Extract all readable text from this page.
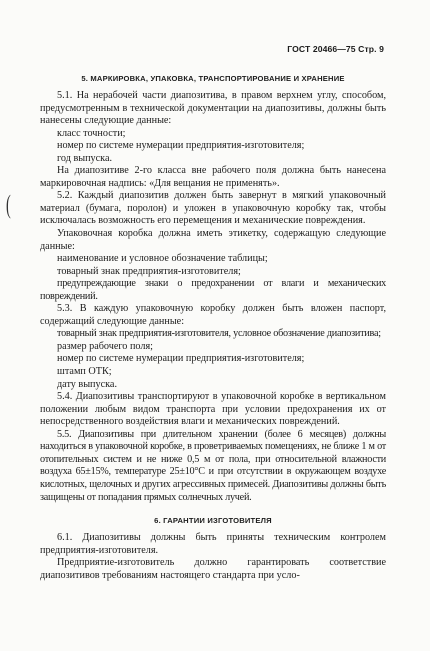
ГОСТ 20466—75 Стр. 9
(
5. МАРКИРОВКА, УПАКОВКА, ТРАНСПОРТИРОВАНИЕ И ХРАНЕНИЕ

5.1. На нерабочей части диапозитива, в правом верхнем углу, способом, предусмотренным в технической документации на диапозитивы, должны быть нанесены следующие данные:

класс точности;

номер по системе нумерации предприятия-изготовителя;

год выпуска.

На диапозитиве 2-го класса вне рабочего поля должна быть нанесена маркировочная надпись: «Для вещания не применять».

5.2. Каждый диапозитив должен быть завернут в мягкий упаковочный материал (бумага, поролон) и уложен в упаковочную коробку так, чтобы исключалась возможность его перемещения и механические повреждения.

Упаковочная коробка должна иметь этикетку, содержащую следующие данные:

наименование и условное обозначение таблицы;

товарный знак предприятия-изготовителя;

предупреждающие знаки о предохранении от влаги и механических повреждений.

5.3. В каждую упаковочную коробку должен быть вложен паспорт, содержащий следующие данные:

товарный знак предприятия-изготовителя, условное обозначение диапозитива;

размер рабочего поля;

номер по системе нумерации предприятия-изготовителя;

штамп ОТК;

дату выпуска.

5.4. Диапозитивы транспортируют в упаковочной коробке в вертикальном положении любым видом транспорта при условии предохранения их от непосредственного воздействия влаги и механических повреждений.

5.5. Диапозитивы при длительном хранении (более 6 месяцев) должны находиться в упаковочной коробке, в проветриваемых помещениях, не ближе 1 м от отопительных систем и не ниже 0,5 м от пола, при относительной влажности воздуха 65±15%, температуре 25±10°С и при отсутствии в окружающем воздухе кислотных, щелочных и других агрессивных примесей. Диапозитивы должны быть защищены от попадания прямых солнечных лучей.

6. ГАРАНТИИ ИЗГОТОВИТЕЛЯ

6.1. Диапозитивы должны быть приняты техническим контролем предприятия-изготовителя.

Предприятие-изготовитель должно гарантировать соответствие диапозитивов требованиям настоящего стандарта при усло-
